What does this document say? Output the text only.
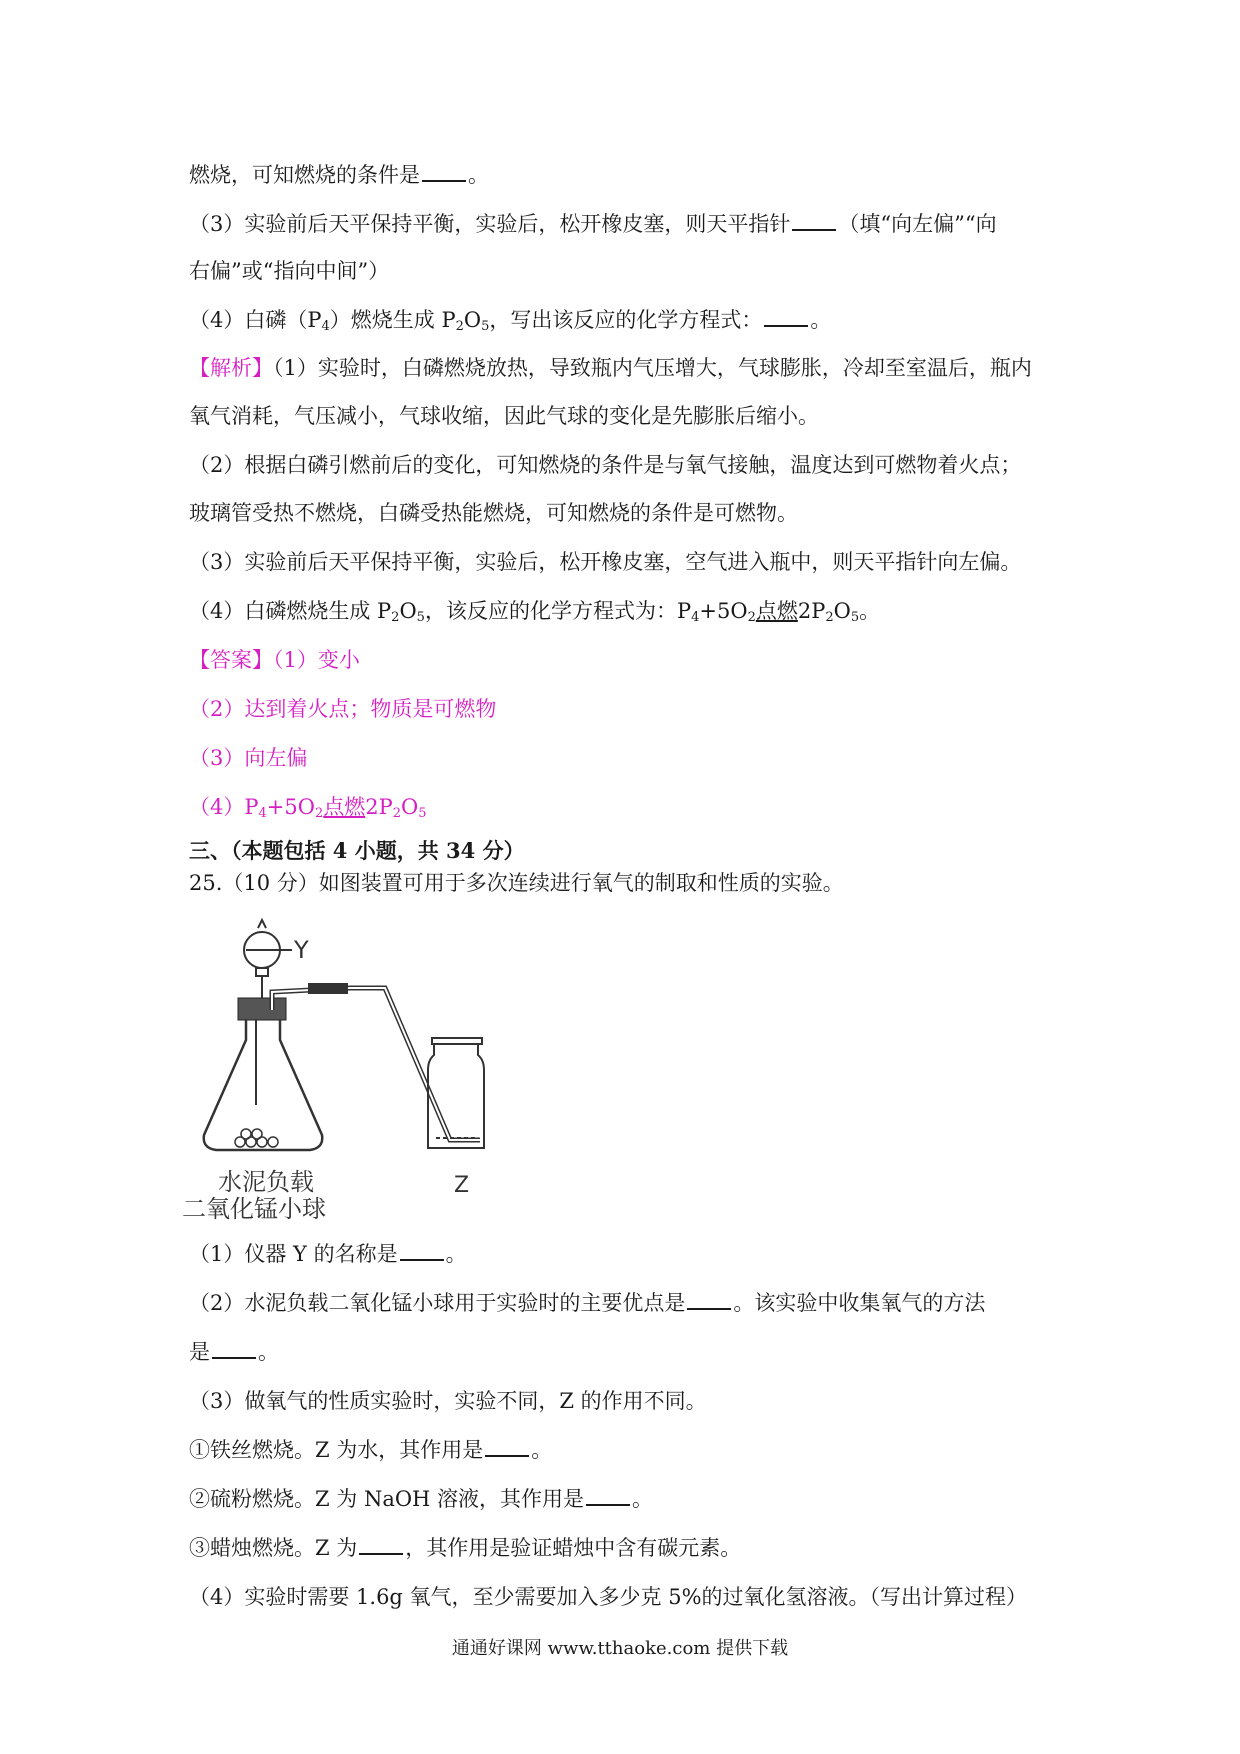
燃烧，可知燃烧的条件是 。
（3）实验前后天平保持平衡，实验后，松开橡皮塞，则天平指针 （填“向左偏”“向
右偏”或“指向中间”）
（4）白磷$(P_4)$燃烧生成 $P_2O_5$，写出该反应的化学方程式： 。
【解析】（1）实验时，白磷燃烧放热，导致瓶内气压增大，气球膨胀，冷却至室温后，瓶内
氧气消耗，气压减小，气球收缩，因此气球的变化是先膨胀后缩小。
（2）根据白磷引燃前后的变化，可知燃烧的条件是与氧气接触，温度达到可燃物着火点；
玻璃管受热不燃烧，白磷受热能燃烧，可知燃烧的条件是可燃物。
（3）实验前后天平保持平衡，实验后，松开橡皮塞，空气进入瓶中，则天平指针向左偏。
（4）白磷燃烧生成 $P_2O_5$，该反应的化学方程式为：$P_4+5O_2$点燃$2P_2O_5$。
【答案】（1）变小
（2）达到着火点；物质是可燃物
（3）向左偏
$(4)P_4+5O_2$点燃$2P_2O_5$
三、（本题包括 4 小题，共 34 分）
25.（10 分）如图装置可用于多次连续进行氧气的制取和性质的实验。
Y
Z
水泥负载
二氧化锰小球
（1）仪器 Y 的名称是 。
（2）水泥负载二氧化锰小球用于实验时的主要优点是 。该实验中收集氧气的方法
是 。
（3）做氧气的性质实验时，实验不同，Z 的作用不同。
①铁丝燃烧。Z 为水，其作用是 。
②硫粉燃烧。Z 为 NaOH 溶液，其作用是 。
③蜡烛燃烧。Z 为 ，其作用是验证蜡烛中含有碳元素。
（4）实验时需要 1.6g 氧气，至少需要加入多少克 5%的过氧化氢溶液。（写出计算过程）
通通好课网 www.tthaoke.com 提供下载
